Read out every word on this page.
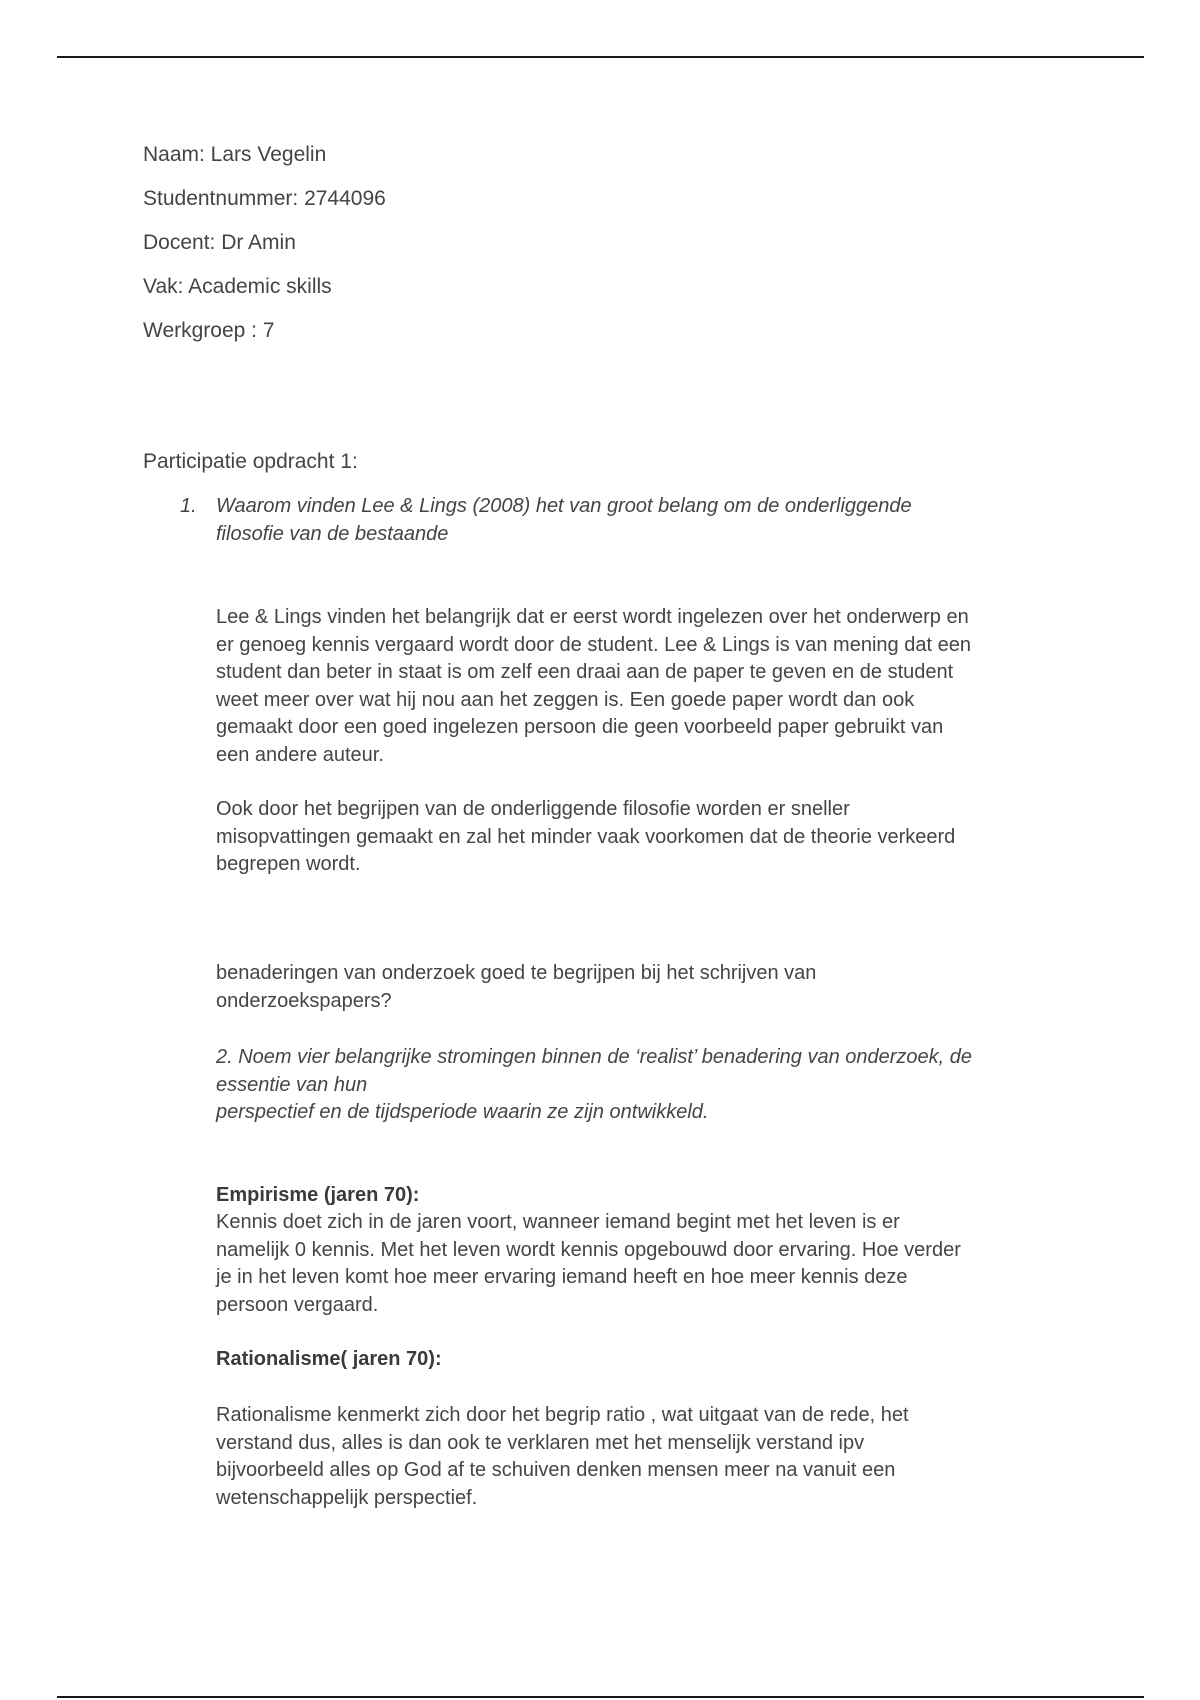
Naam: Lars Vegelin
Studentnummer: 2744096
Docent: Dr Amin
Vak: Academic skills
Werkgroep : 7
Participatie opdracht 1:
1. Waarom vinden Lee & Lings (2008) het van groot belang om de onderliggende
filosofie van de bestaande
Lee & Lings vinden het belangrijk dat er eerst wordt ingelezen over het onderwerp en
er genoeg kennis vergaard wordt door de student. Lee & Lings is van mening dat een
student dan beter in staat is om zelf een draai aan de paper te geven en de student
weet meer over wat hij nou aan het zeggen is. Een goede paper wordt dan ook
gemaakt door een goed ingelezen persoon die geen voorbeeld paper gebruikt van
een andere auteur.
Ook door het begrijpen van de onderliggende filosofie worden er sneller
misopvattingen gemaakt en zal het minder vaak voorkomen dat de theorie verkeerd
begrepen wordt.
benaderingen van onderzoek goed te begrijpen bij het schrijven van
onderzoekspapers?
2. Noem vier belangrijke stromingen binnen de ‘realist’ benadering van onderzoek, de
essentie van hun
perspectief en de tijdsperiode waarin ze zijn ontwikkeld.
Empirisme (jaren 70):
Kennis doet zich in de jaren voort, wanneer iemand begint met het leven is er
namelijk 0 kennis. Met het leven wordt kennis opgebouwd door ervaring. Hoe verder
je in het leven komt hoe meer ervaring iemand heeft en hoe meer kennis deze
persoon vergaard.
Rationalisme( jaren 70):
Rationalisme kenmerkt zich door het begrip ratio , wat uitgaat van de rede, het
verstand dus, alles is dan ook te verklaren met het menselijk verstand ipv
bijvoorbeeld alles op God af te schuiven denken mensen meer na vanuit een
wetenschappelijk perspectief.
